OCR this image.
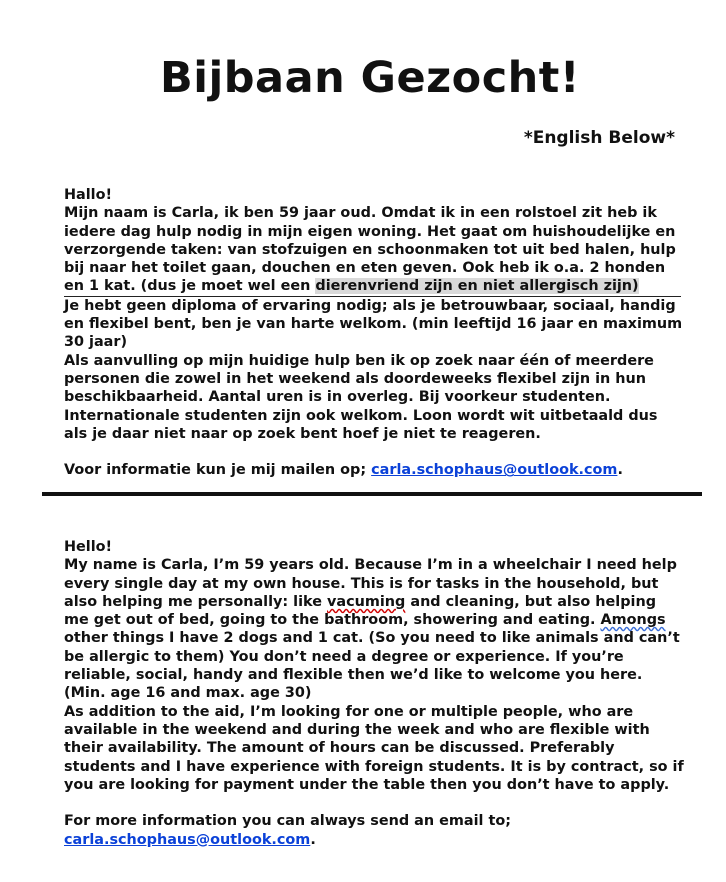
Bijbaan Gezocht!
*English Below*

Hallo!

Mijn naam is Carla, ik ben 59 jaar oud. Omdat ik in een rolstoel zit heb ik iedere dag hulp nodig in mijn eigen woning. Het gaat om huishoudelijke en verzorgende taken: van stofzuigen en schoonmaken tot uit bed halen, hulp bij naar het toilet gaan, douchen en eten geven. Ook heb ik o.a. 2 honden en 1 kat. (dus je moet wel een dierenvriend zijn en niet allergisch zijn)

Je hebt geen diploma of ervaring nodig; als je betrouwbaar, sociaal, handig en flexibel bent, ben je van harte welkom. (min leeftijd 16 jaar en maximum 30 jaar)

Als aanvulling op mijn huidige hulp ben ik op zoek naar één of meerdere personen die zowel in het weekend als doordeweeks flexibel zijn in hun beschikbaarheid. Aantal uren is in overleg. Bij voorkeur studenten. Internationale studenten zijn ook welkom. Loon wordt wit uitbetaald dus als je daar niet naar op zoek bent hoef je niet te reageren.

Voor informatie kun je mij mailen op; carla.schophaus@outlook.com.

Hello!

My name is Carla, I’m 59 years old. Because I’m in a wheelchair I need help every single day at my own house. This is for tasks in the household, but also helping me personally: like vacuming and cleaning, but also helping me get out of bed, going to the bathroom, showering and eating. Amongs other things I have 2 dogs and 1 cat. (So you need to like animals and can’t be allergic to them) You don’t need a degree or experience. If you’re reliable, social, handy and flexible then we’d like to welcome you here. (Min. age 16 and max. age 30)

As addition to the aid, I’m looking for one or multiple people, who are available in the weekend and during the week and who are flexible with their availability. The amount of hours can be discussed. Preferably students and I have experience with foreign students. It is by contract, so if you are looking for payment under the table then you don’t have to apply.

For more information you can always send an email to;

carla.schophaus@outlook.com.
